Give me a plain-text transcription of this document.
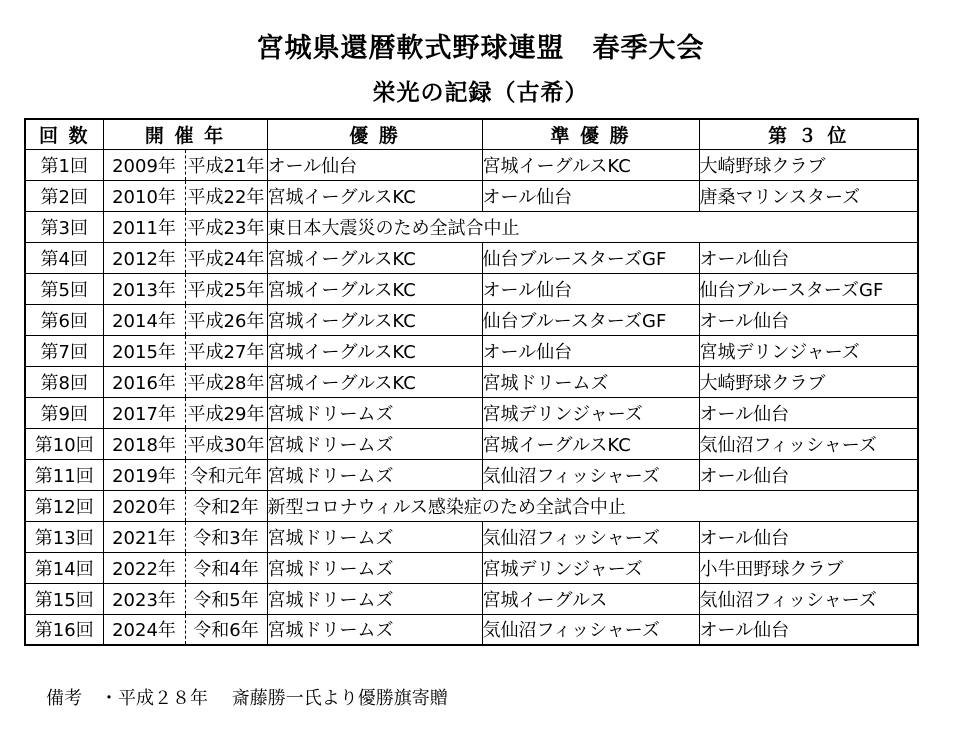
宮城県還暦軟式野球連盟　春季大会
栄光の記録（古希）
回 数	開 催 年		優 勝	準 優 勝	第 ３ 位
第1回	2009年	平成21年	オール仙台	宮城イーグルスKC	大崎野球クラブ
第2回	2010年	平成22年	宮城イーグルスKC	オール仙台	唐桑マリンスターズ
第3回	2011年	平成23年	東日本大震災のため全試合中止		
第4回	2012年	平成24年	宮城イーグルスKC	仙台ブルースターズGF	オール仙台
第5回	2013年	平成25年	宮城イーグルスKC	オール仙台	仙台ブルースターズGF
第6回	2014年	平成26年	宮城イーグルスKC	仙台ブルースターズGF	オール仙台
第7回	2015年	平成27年	宮城イーグルスKC	オール仙台	宮城デリンジャーズ
第8回	2016年	平成28年	宮城イーグルスKC	宮城ドリームズ	大崎野球クラブ
第9回	2017年	平成29年	宮城ドリームズ	宮城デリンジャーズ	オール仙台
第10回	2018年	平成30年	宮城ドリームズ	宮城イーグルスKC	気仙沼フィッシャーズ
第11回	2019年	令和元年	宮城ドリームズ	気仙沼フィッシャーズ	オール仙台
第12回	2020年	令和2年	新型コロナウィルス感染症のため全試合中止		
第13回	2021年	令和3年	宮城ドリームズ	気仙沼フィッシャーズ	オール仙台
第14回	2022年	令和4年	宮城ドリームズ	宮城デリンジャーズ	小牛田野球クラブ
第15回	2023年	令和5年	宮城ドリームズ	宮城イーグルス	気仙沼フィッシャーズ
第16回	2024年	令和6年	宮城ドリームズ	気仙沼フィッシャーズ	オール仙台
備考　・平成２８年　 斎藤勝一氏より優勝旗寄贈
